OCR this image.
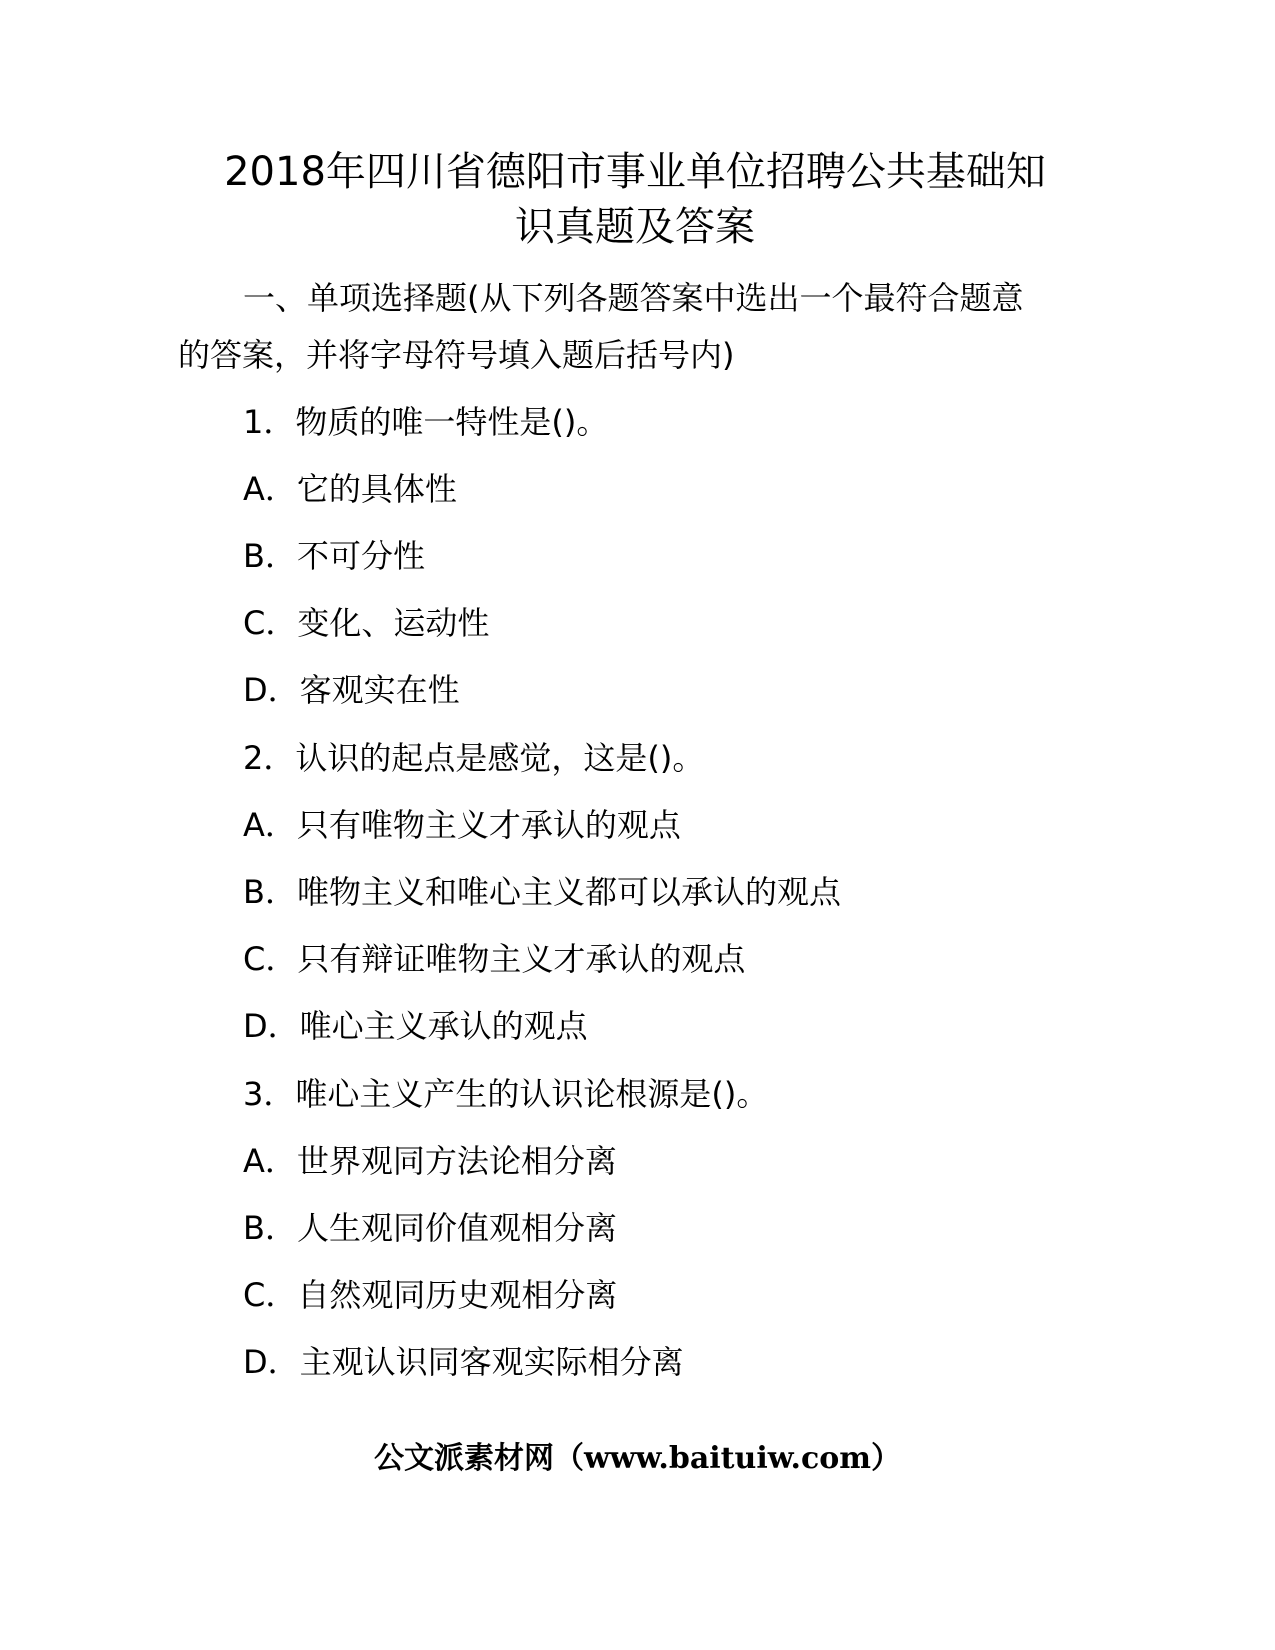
2018年四川省德阳市事业单位招聘公共基础知
识真题及答案

一、单项选择题(从下列各题答案中选出一个最符合题意

的答案，并将字母符号填入题后括号内)

1．物质的唯一特性是()。

A．它的具体性

B．不可分性

C．变化、运动性

D．客观实在性

2．认识的起点是感觉，这是()。

A．只有唯物主义才承认的观点

B．唯物主义和唯心主义都可以承认的观点

C．只有辩证唯物主义才承认的观点

D．唯心主义承认的观点

3．唯心主义产生的认识论根源是()。

A．世界观同方法论相分离

B．人生观同价值观相分离

C．自然观同历史观相分离

D．主观认识同客观实际相分离

公文派素材网（www.baituiw.com）
